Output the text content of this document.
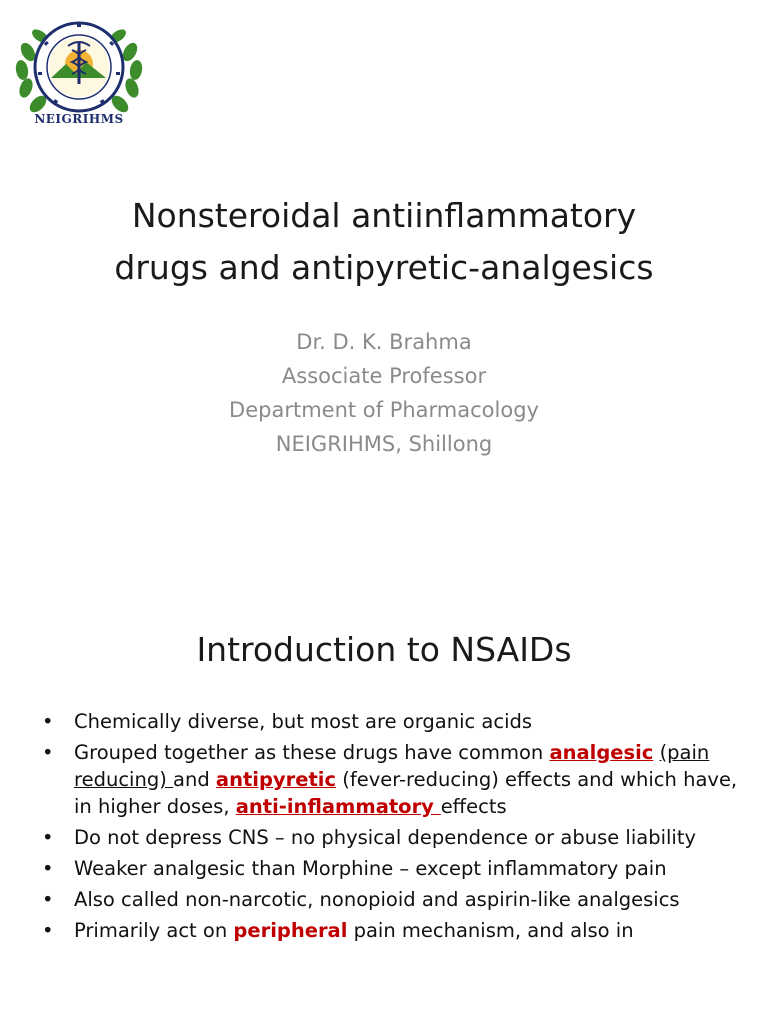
NEIGRIHMS
Nonsteroidal antiinflammatory
drugs and antipyretic-analgesics
Dr. D. K. Brahma
Associate Professor
Department of Pharmacology
NEIGRIHMS, Shillong
Introduction to NSAIDs
• Chemically diverse, but most are organic acids
• Grouped together as these drugs have common analgesic (pain reducing) and antipyretic (fever-reducing) effects and which have, in higher doses, anti-inflammatory effects
• Do not depress CNS – no physical dependence or abuse liability
• Weaker analgesic than Morphine – except inflammatory pain
• Also called non-narcotic, nonopioid and aspirin-like analgesics
• Primarily act on peripheral pain mechanism, and also in
